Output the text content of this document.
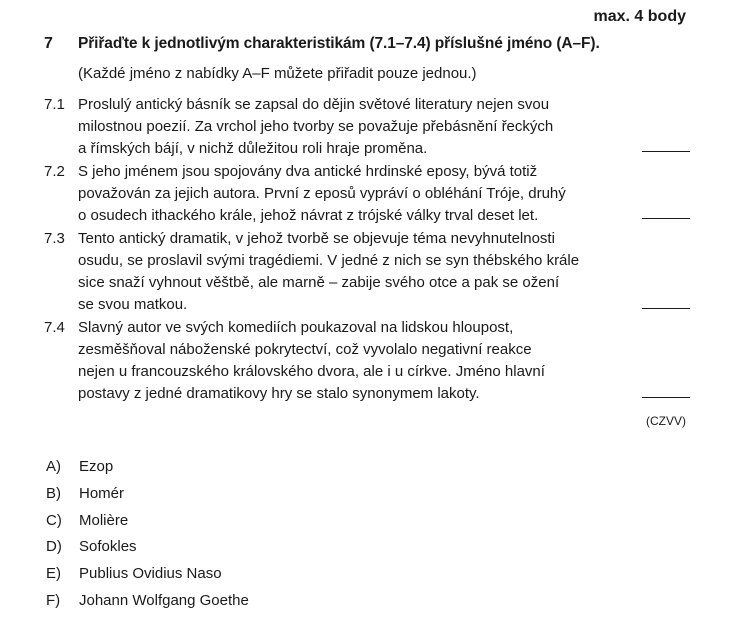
max. 4 body
7 Přiřaďte k jednotlivým charakteristikám (7.1–7.4) příslušné jméno (A–F).
(Každé jméno z nabídky A–F můžete přiřadit pouze jednou.)
7.1 Proslulý antický básník se zapsal do dějin světové literatury nejen svou

milostnou poezií. Za vrchol jeho tvorby se považuje přebásnění řeckých

a římských bájí, v nichž důležitou roli hraje proměna.

7.2 S jeho jménem jsou spojovány dva antické hrdinské eposy, bývá totiž

považován za jejich autora. První z eposů vypráví o obléhání Tróje, druhý

o osudech ithackého krále, jehož návrat z trójské války trval deset let.

7.3 Tento antický dramatik, v jehož tvorbě se objevuje téma nevyhnutelnosti

osudu, se proslavil svými tragédiemi. V jedné z nich se syn thébského krále

sice snaží vyhnout věštbě, ale marně – zabije svého otce a pak se ožení

se svou matkou.

7.4 Slavný autor ve svých komediích poukazoval na lidskou hloupost,

zesměšňoval náboženské pokrytectví, což vyvolalo negativní reakce

nejen u francouzského královského dvora, ale i u církve. Jméno hlavní

postavy z jedné dramatikovy hry se stalo synonymem lakoty.

(CZVV)
A) Ezop
B) Homér
C) Molière
D) Sofokles
E) Publius Ovidius Naso
F) Johann Wolfgang Goethe
